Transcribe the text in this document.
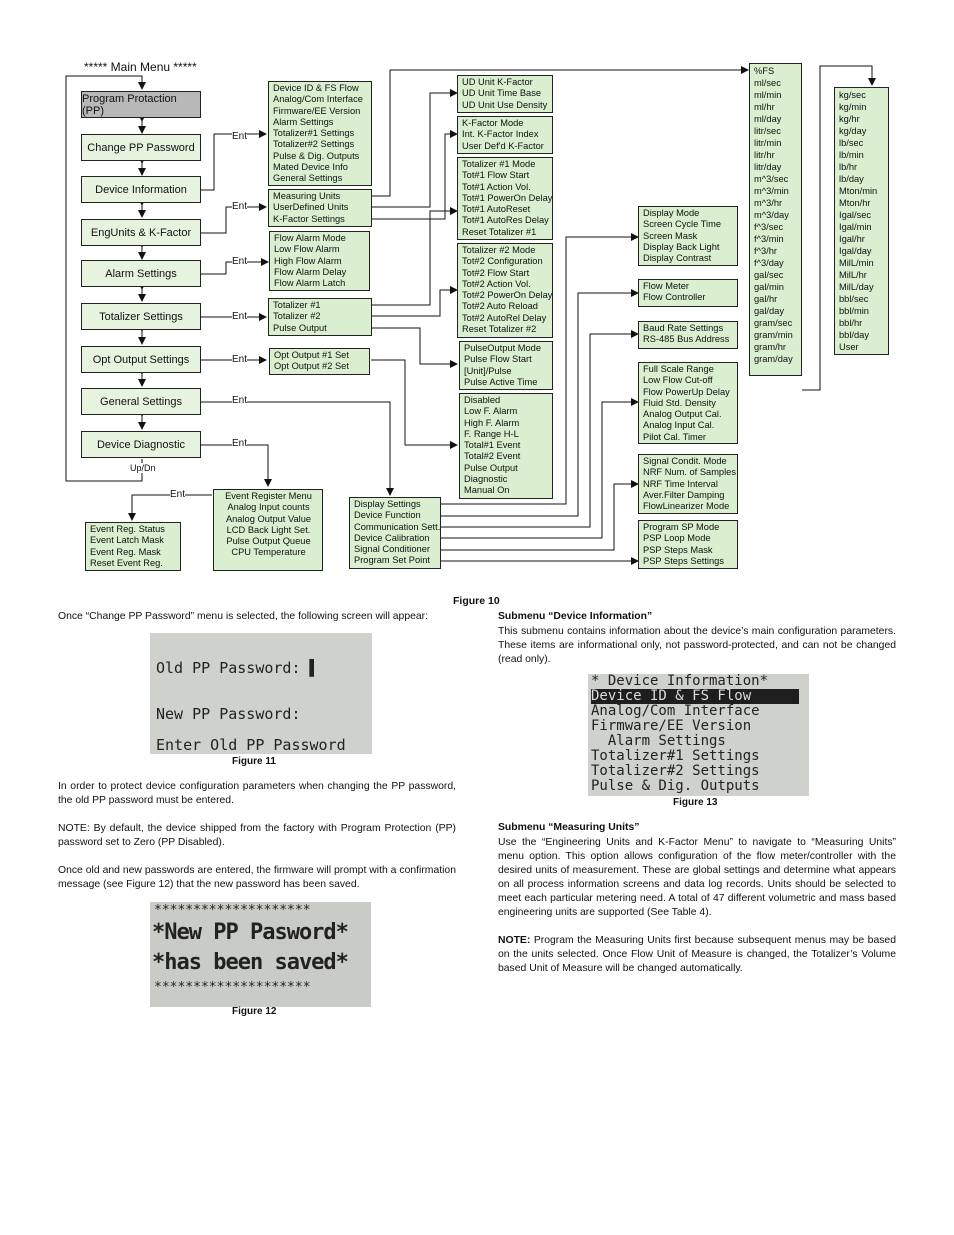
***** Main Menu *****
Program Protaction (PP)
Change PP Password
Device Information
EngUnits & K-Factor
Alarm Settings
Totalizer Settings
Opt Output Settings
General Settings
Device Diagnostic
Ent
Ent
Ent
Ent
Ent
Ent
Ent
Ent
Up/Dn
Device ID & FS Flow
Analog/Com Interface
Firmware/EE Version
Alarm Settings
Totalizer#1 Settings
Totalizer#2 Settings
Pulse & Dig. Outputs
Mated Device Info
General Settings
Measuring Units
UserDefined Units
K-Factor Settings
Flow Alarm Mode
Low Flow Alarm
High Flow Alarm
Flow Alarm Delay
Flow Alarm Latch
Totalizer #1
Totalizer #2
Pulse Output
Opt Output #1 Set
Opt Output #2 Set
Event Register Menu
Analog Input counts
Analog Output Value
LCD Back Light Set.
Pulse Output Queue
CPU Temperature
Event Reg. Status
Event Latch Mask
Event Reg. Mask
Reset Event Reg.
Display Settings
Device Function
Communication Sett.
Device Calibration
Signal Conditioner
Program Set Point
UD Unit K-Factor
UD Unit Time Base
UD Unit Use Density
K-Factor Mode
Int. K-Factor Index
User Def'd K-Factor
Totalizer #1 Mode
Tot#1 Flow Start
Tot#1 Action Vol.
Tot#1 PowerOn Delay
Tot#1 AutoReset
Tot#1 AutoRes Delay
Reset Totalizer #1
Totalizer #2 Mode
Tot#2 Configuration
Tot#2 Flow Start
Tot#2 Action Vol.
Tot#2 PowerOn Delay
Tot#2 Auto Reload
Tot#2 AutoRel Delay
Reset Totalizer #2
PulseOutput Mode
Pulse Flow Start
[Unit]/Pulse
Pulse Active Time
Disabled
Low F. Alarm
High F. Alarm
F. Range H-L
Total#1 Event
Total#2 Event
Pulse Output
Diagnostic
Manual On
Display Mode
Screen Cycle Time
Screen Mask
Display Back Light
Display Contrast
Flow Meter
Flow Controller
Baud Rate Settings
RS-485 Bus Address
Full Scale Range
Low Flow Cut-off
Flow PowerUp Delay
Fluid Std. Density
Analog Output Cal.
Analog Input Cal.
Pilot Cal. Timer
Signal Condit. Mode
NRF Num. of Samples
NRF Time Interval
Aver.Filter Damping
FlowLinearizer Mode
Program SP Mode
PSP Loop Mode
PSP Steps Mask
PSP Steps Settings
%FS
ml/sec
ml/min
ml/hr
ml/day
litr/sec
litr/min
litr/hr
litr/day
m^3/sec
m^3/min
m^3/hr
m^3/day
f^3/sec
f^3/min
f^3/hr
f^3/day
gal/sec
gal/min
gal/hr
gal/day
gram/sec
gram/min
gram/hr
gram/day
kg/sec
kg/min
kg/hr
kg/day
lb/sec
lb/min
lb/hr
lb/day
Mton/min
Mton/hr
Igal/sec
Igal/min
Igal/hr
Igal/day
MilL/min
MilL/hr
MilL/day
bbl/sec
bbl/min
bbl/hr
bbl/day
User
Figure 10

Once “Change PP Password” menu is selected, the following screen will appear:

Old PP Password: ▌
New PP Password:
Enter Old PP Password
Figure 11

In order to protect device configuration parameters when changing the PP password, the old PP password must be entered.

NOTE: By default, the device shipped from the factory with Program Protection (PP) password set to Zero (PP Disabled).

Once old and new passwords are entered, the firmware will prompt with a confirmation message (see Figure 12) that the new password has been saved.

********************
*New PP Pasword*
*has been saved*
********************
Figure 12
Submenu “Device Information”

This submenu contains information about the device’s main configuration parameters. These items are informational only, not password-protected, and can not be changed (read only).

* Device Information*
Device ID & FS Flow
Analog/Com Interface
Firmware/EE Version
Alarm Settings
Totalizer#1 Settings
Totalizer#2 Settings
Pulse & Dig. Outputs
Figure 13
Submenu “Measuring Units”

Use the “Engineering Units and K-Factor Menu” to navigate to “Measuring Units” menu option. This option allows configuration of the flow meter/controller with the desired units of measurement. These are global settings and determine what appears on all process information screens and data log records. Units should be selected to meet each particular metering need. A total of 47 different volumetric and mass based engineering units are supported (See Table 4).

NOTE: Program the Measuring Units first because subsequent menus may be based on the units selected. Once Flow Unit of Measure is changed, the Totalizer’s Volume based Unit of Measure will be changed automatically.
